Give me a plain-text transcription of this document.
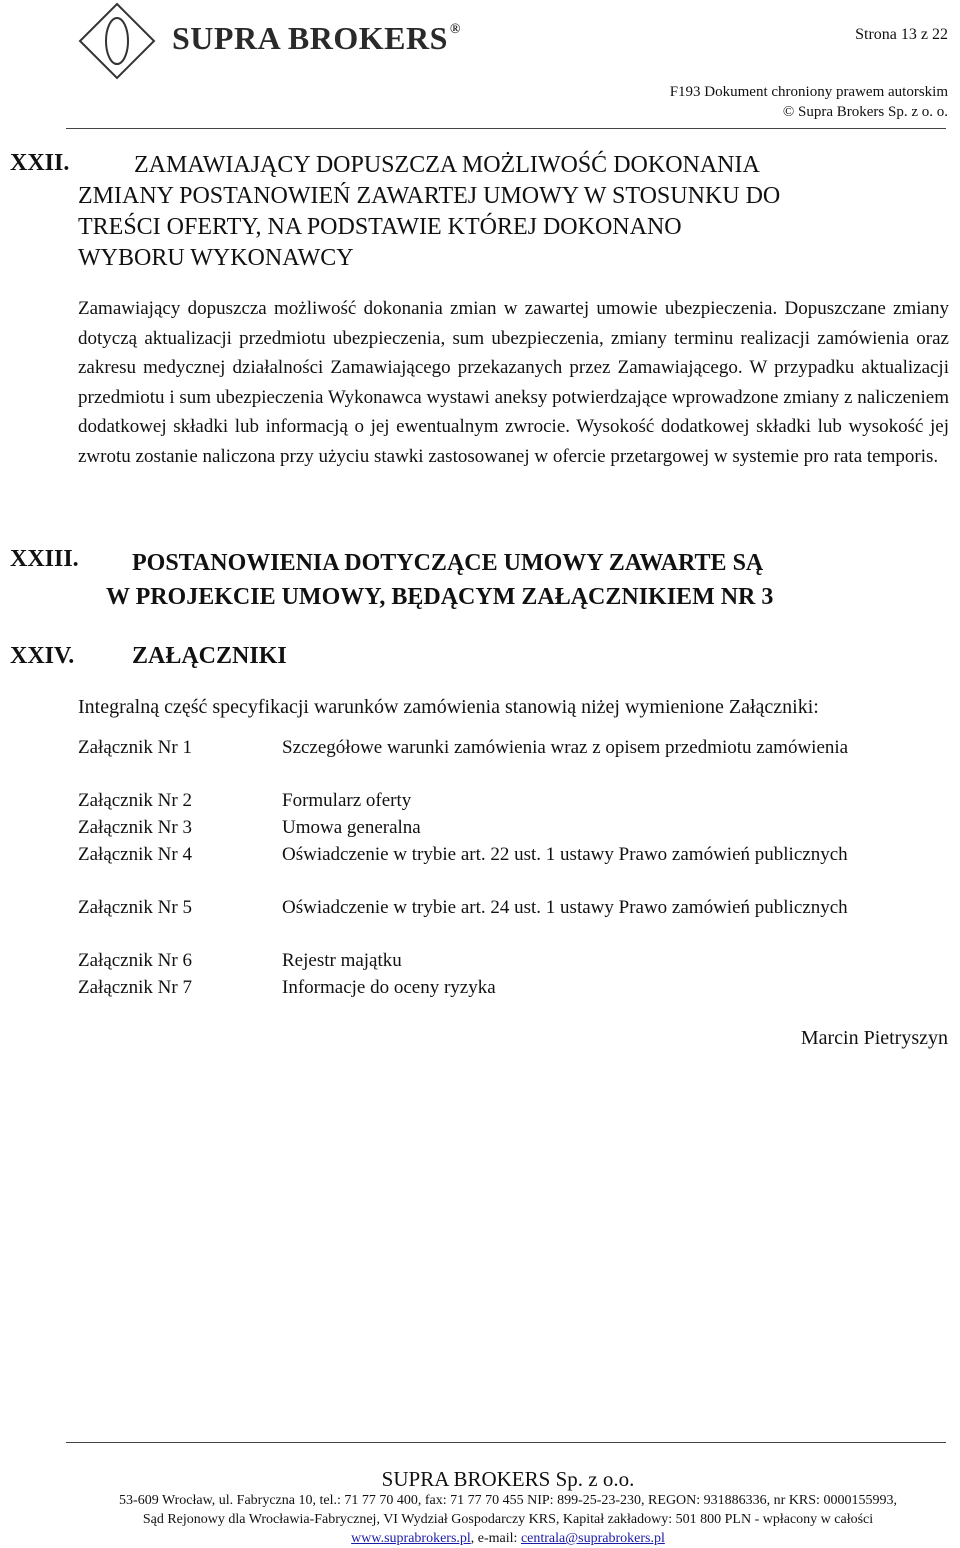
SUPRA BROKERS ®	Strona 13 z 22
F193 Dokument chroniony prawem autorskim
© Supra Brokers Sp. z o. o.
XXII.	ZAMAWIAJĄCY DOPUSZCZA MOŻLIWOŚĆ DOKONANIA
ZMIANY POSTANOWIEŃ ZAWARTEJ UMOWY W STOSUNKU DO
TREŚCI OFERTY, NA PODSTAWIE KTÓREJ DOKONANO
WYBORU WYKONAWCY
Zamawiający dopuszcza możliwość dokonania zmian w zawartej umowie ubezpieczenia. Dopuszczane zmiany dotyczą aktualizacji przedmiotu ubezpieczenia, sum ubezpieczenia, zmiany terminu realizacji zamówienia oraz zakresu medycznej działalności Zamawiającego przekazanych przez Zamawiającego. W przypadku aktualizacji przedmiotu i sum ubezpieczenia Wykonawca wystawi aneksy potwierdzające wprowadzone zmiany z naliczeniem dodatkowej składki lub informacją o jej ewentualnym zwrocie. Wysokość dodatkowej składki lub wysokość jej zwrotu zostanie naliczona przy użyciu stawki zastosowanej w ofercie przetargowej w systemie pro rata temporis.
XXIII.	POSTANOWIENIA DOTYCZĄCE UMOWY ZAWARTE SĄ
W PROJEKCIE UMOWY, BĘDĄCYM ZAŁĄCZNIKIEM NR 3
XXIV. ZAŁĄCZNIKI
Integralną część specyfikacji warunków zamówienia stanowią niżej wymienione Załączniki:
Załącznik Nr 1	Szczegółowe warunki zamówienia wraz z opisem przedmiotu zamówienia
Załącznik Nr 2	Formularz oferty
Załącznik Nr 3	Umowa generalna
Załącznik Nr 4	Oświadczenie w trybie art. 22 ust. 1 ustawy Prawo zamówień publicznych
Załącznik Nr 5	Oświadczenie w trybie art. 24 ust. 1 ustawy Prawo zamówień publicznych
Załącznik Nr 6	Rejestr majątku
Załącznik Nr 7	Informacje do oceny ryzyka
Marcin Pietryszyn
SUPRA BROKERS Sp. z o.o.
53-609 Wrocław, ul. Fabryczna 10, tel.: 71 77 70 400, fax: 71 77 70 455 NIP: 899-25-23-230, REGON: 931886336, nr KRS: 0000155993,
Sąd Rejonowy dla Wrocławia-Fabrycznej, VI Wydział Gospodarczy KRS, Kapitał zakładowy: 501 800 PLN - wpłacony w całości
www.suprabrokers.pl, e-mail: centrala@suprabrokers.pl
